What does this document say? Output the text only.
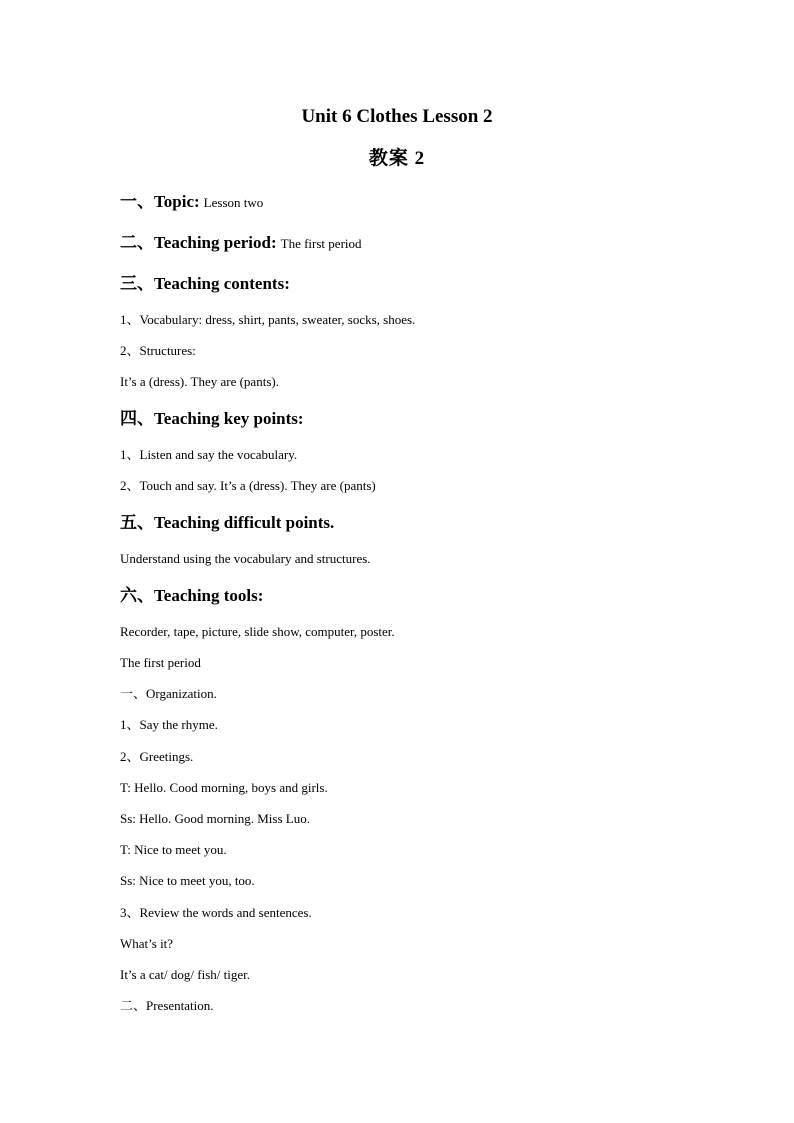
Unit 6 Clothes Lesson 2
教案 2
一、Topic: Lesson two
二、Teaching period: The first period
三、Teaching contents:
1、Vocabulary: dress, shirt, pants, sweater, socks, shoes.
2、Structures:
It’s a (dress). They are (pants).
四、Teaching key points:
1、Listen and say the vocabulary.
2、Touch and say. It’s a (dress). They are (pants)
五、Teaching difficult points.
Understand using the vocabulary and structures.
六、Teaching tools:
Recorder, tape, picture, slide show, computer, poster.
The first period
一、Organization.
1、Say the rhyme.
2、Greetings.
T: Hello. Cood morning, boys and girls.
Ss: Hello. Good morning. Miss Luo.
T: Nice to meet you.
Ss: Nice to meet you, too.
3、Review the words and sentences.
What’s it?
It’s a cat/ dog/ fish/ tiger.
二、Presentation.
